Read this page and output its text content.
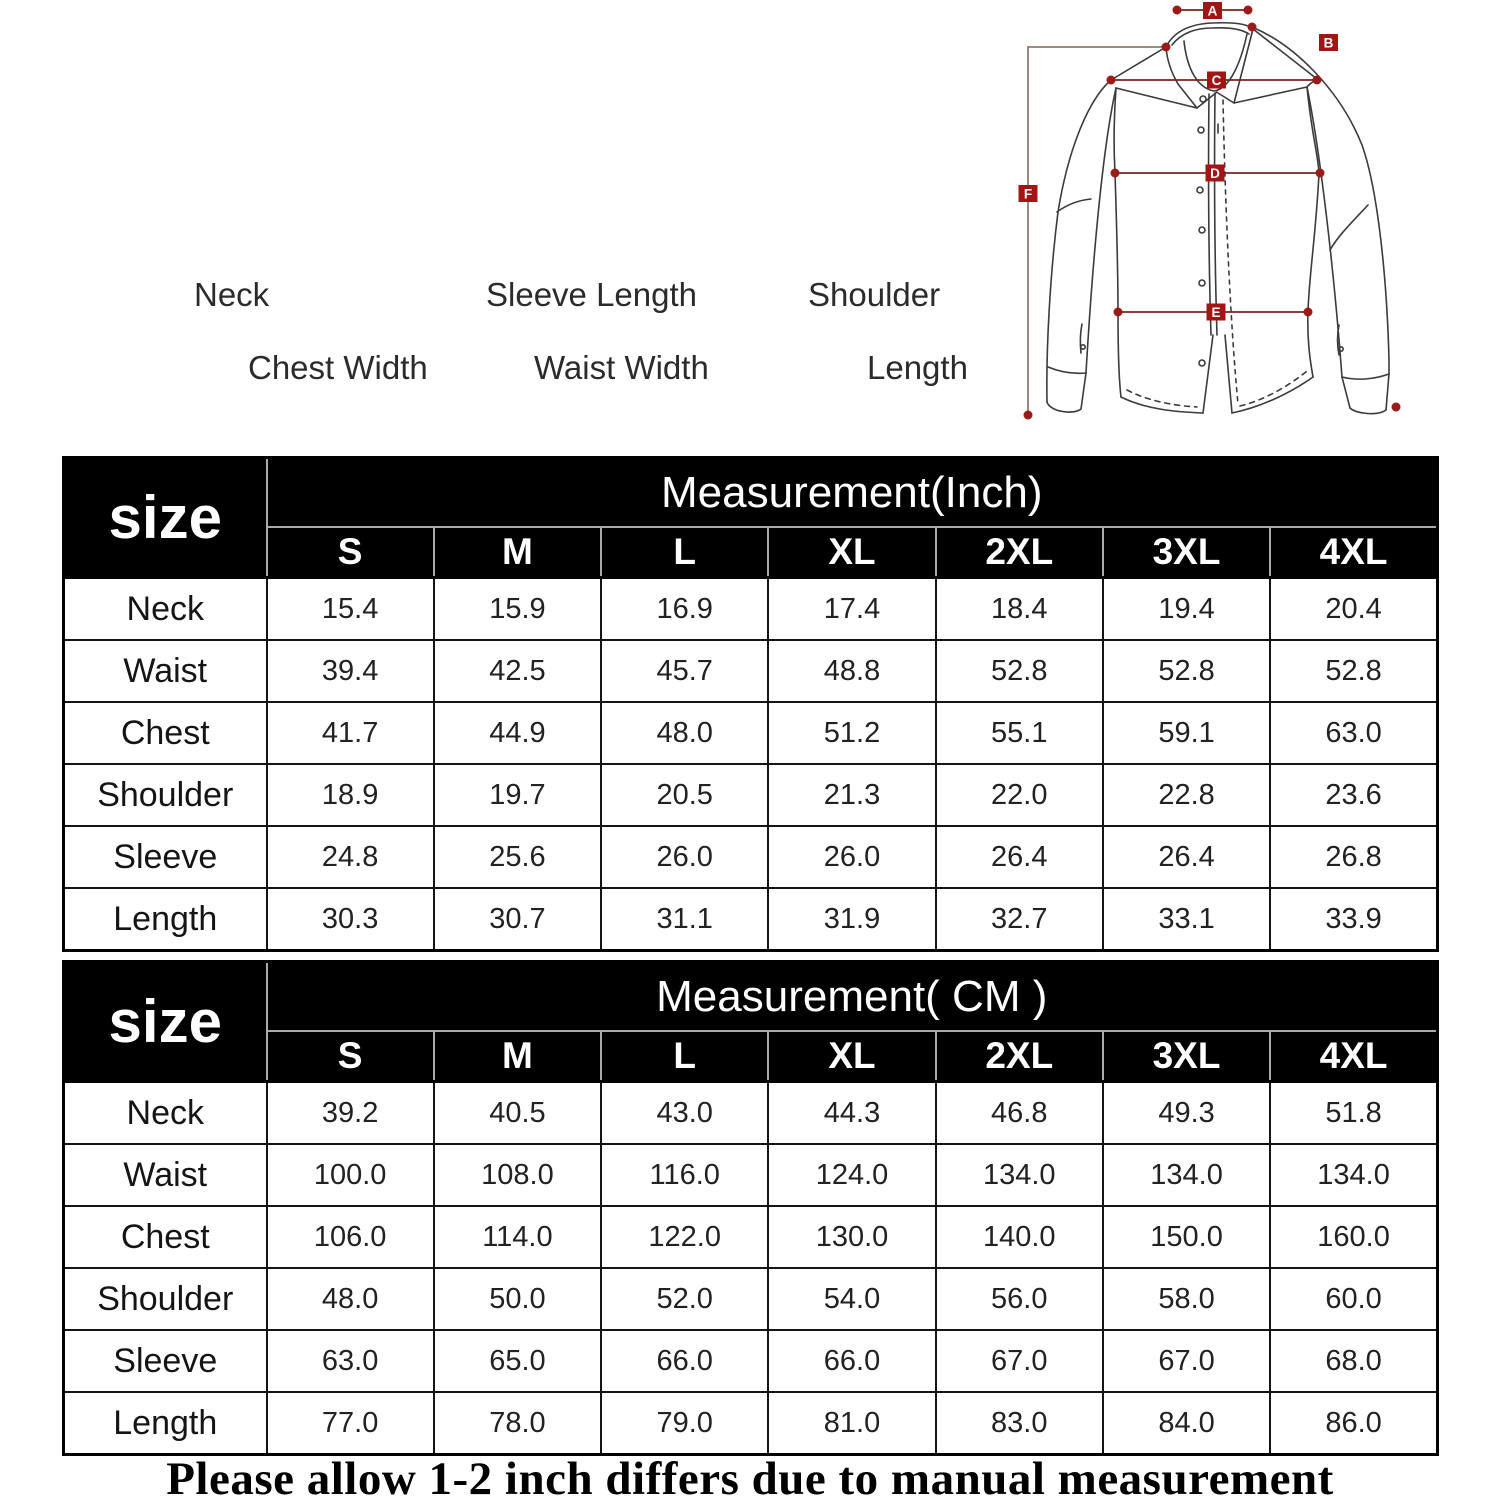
A
B
C
D
E
F
A Neck	B Sleeve Length C Shoulder
D Chest Width E Waist Width	F Length
size	Measurement(Inch)						
	S	M	L	XL	2XL	3XL	4XL
Neck	15.4	15.9	16.9	17.4	18.4	19.4	20.4
Waist	39.4	42.5	45.7	48.8	52.8	52.8	52.8
Chest	41.7	44.9	48.0	51.2	55.1	59.1	63.0
Shoulder	18.9	19.7	20.5	21.3	22.0	22.8	23.6
Sleeve	24.8	25.6	26.0	26.0	26.4	26.4	26.8
Length	30.3	30.7	31.1	31.9	32.7	33.1	33.9
size	Measurement( CM )						
	S	M	L	XL	2XL	3XL	4XL
Neck	39.2	40.5	43.0	44.3	46.8	49.3	51.8
Waist	100.0	108.0	116.0	124.0	134.0	134.0	134.0
Chest	106.0	114.0	122.0	130.0	140.0	150.0	160.0
Shoulder	48.0	50.0	52.0	54.0	56.0	58.0	60.0
Sleeve	63.0	65.0	66.0	66.0	67.0	67.0	68.0
Length	77.0	78.0	79.0	81.0	83.0	84.0	86.0
Please allow 1-2 inch differs due to manual measurement
